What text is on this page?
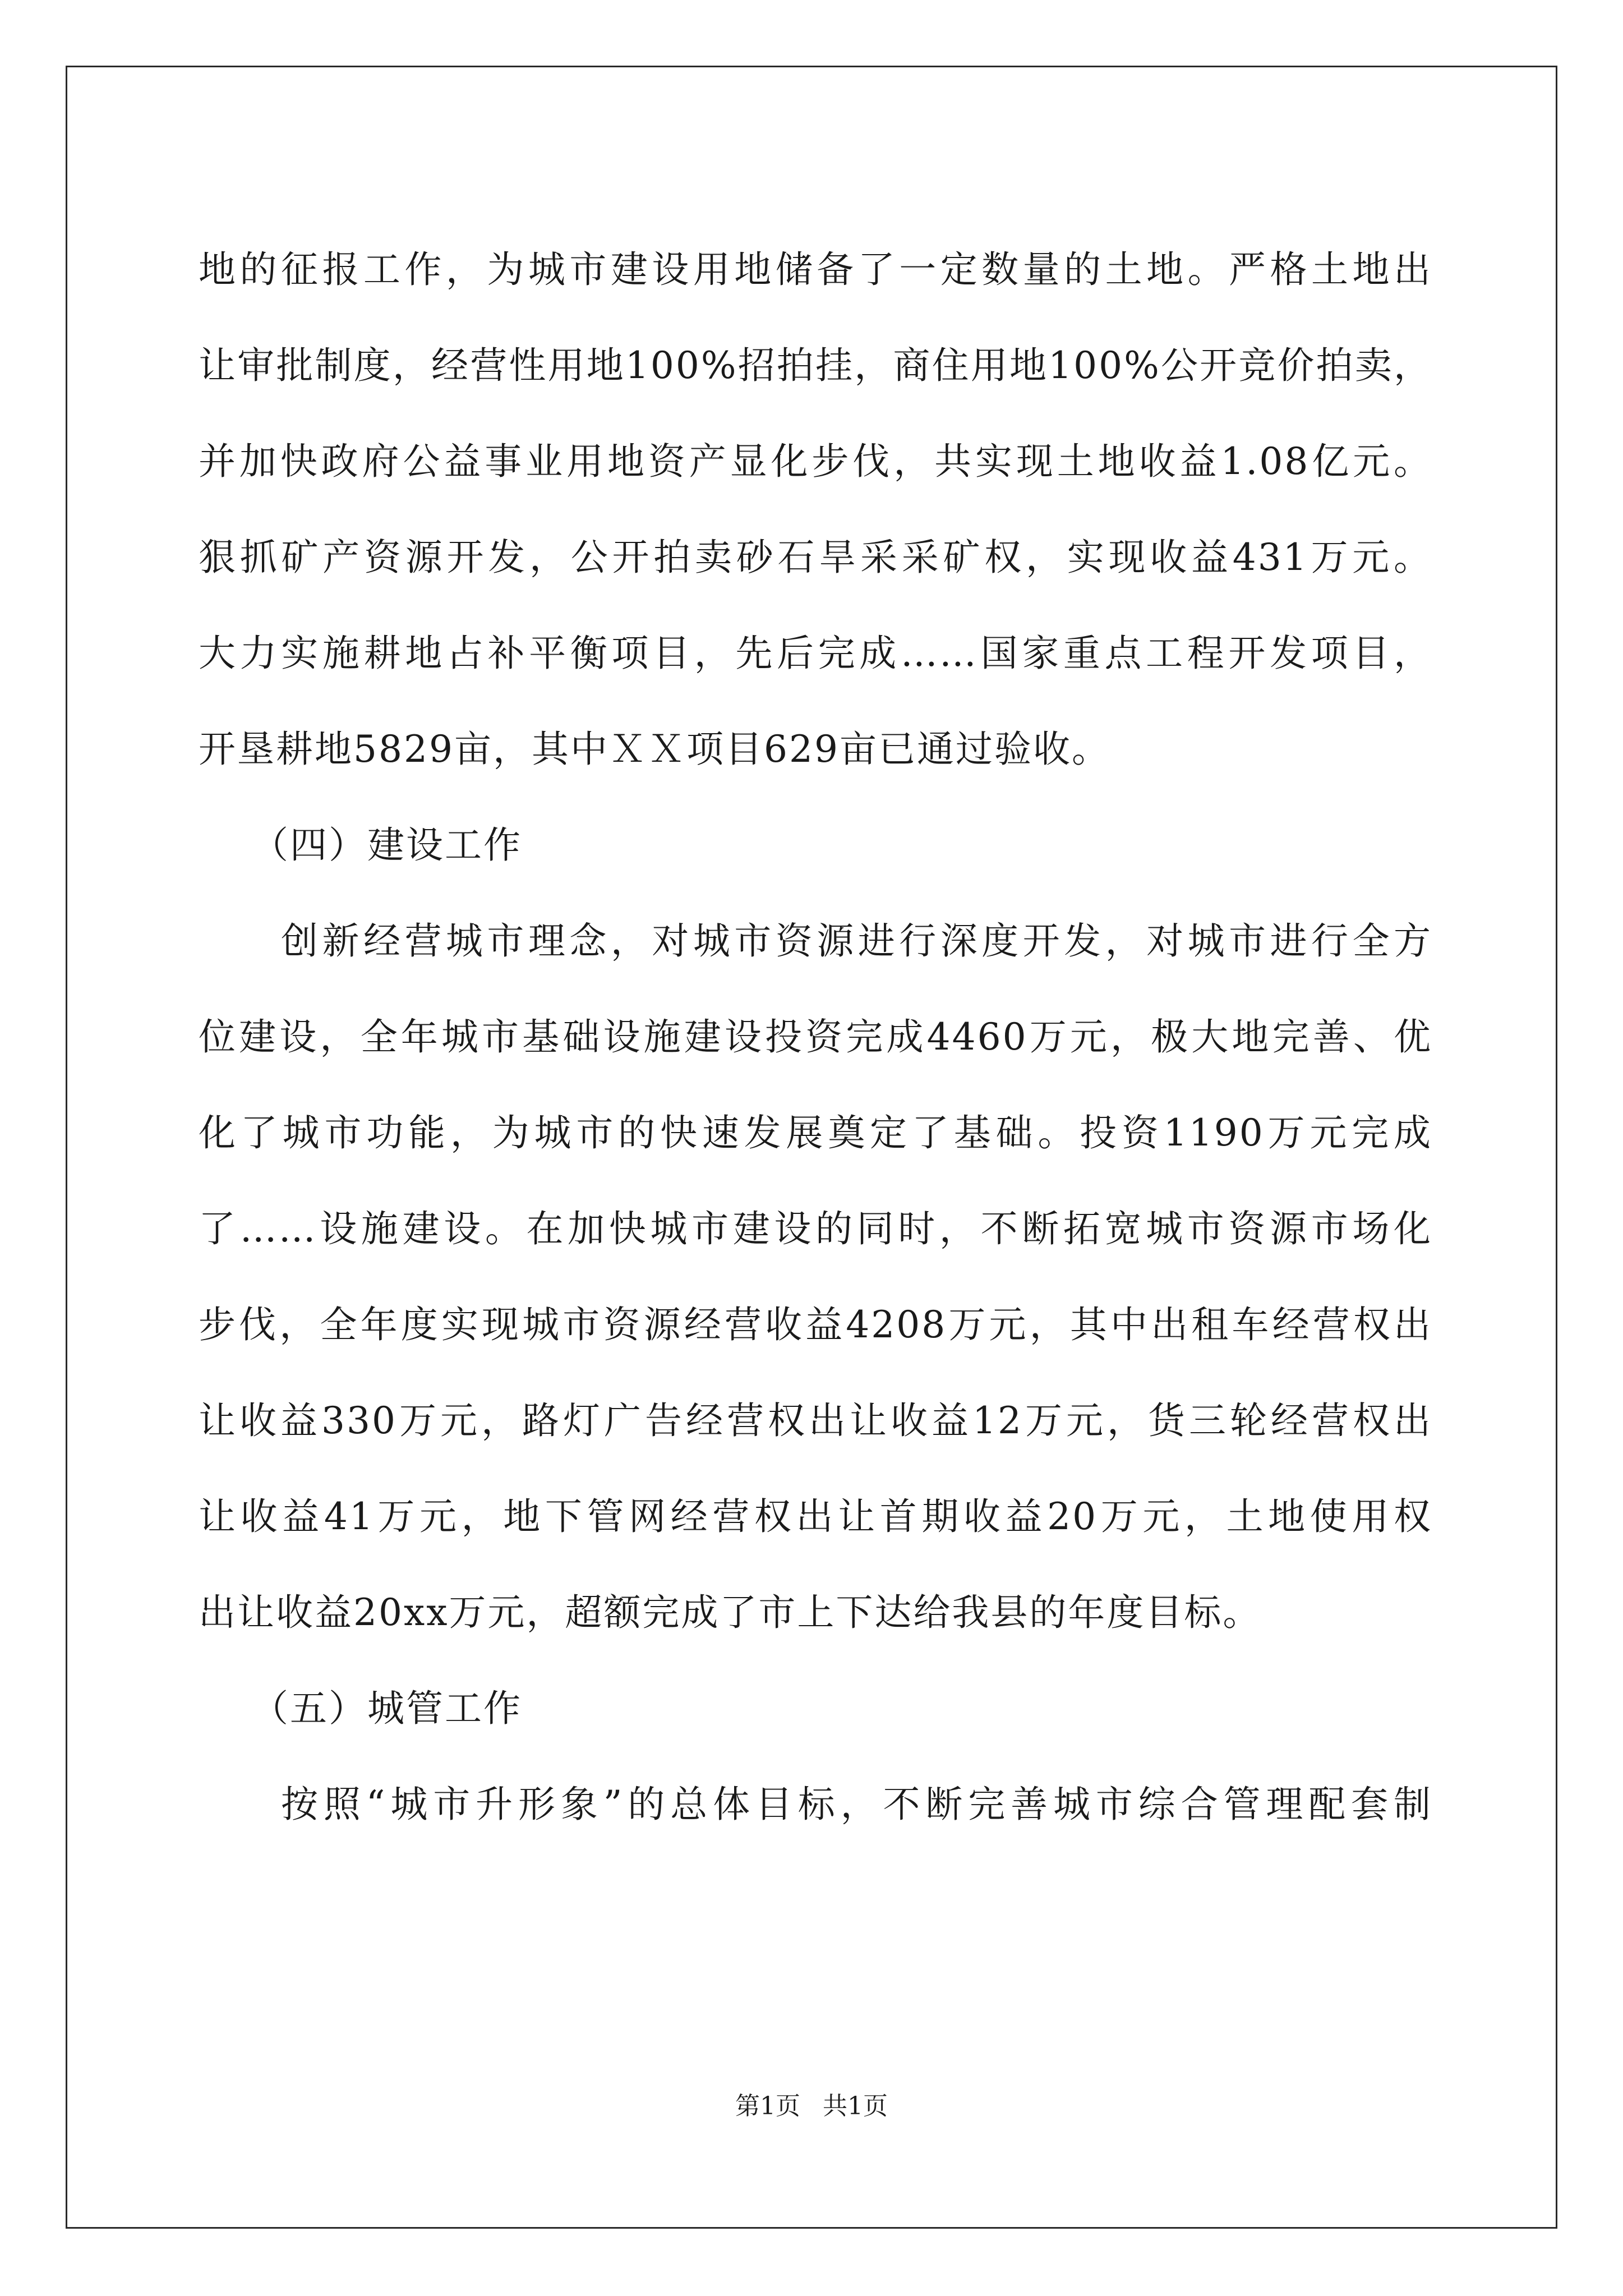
地的征报工作，为城市建设用地储备了一定数量的土地。严格土地出
让审批制度，经营性用地100%招拍挂，商住用地100%公开竞价拍卖，
并加快政府公益事业用地资产显化步伐，共实现土地收益1.08亿元。
狠抓矿产资源开发，公开拍卖砂石旱采采矿权，实现收益431万元。
大力实施耕地占补平衡项目，先后完成……国家重点工程开发项目，
开垦耕地5829亩，其中ＸＸ项目629亩已通过验收。
（四）建设工作
创新经营城市理念，对城市资源进行深度开发，对城市进行全方
位建设，全年城市基础设施建设投资完成4460万元，极大地完善、优
化了城市功能，为城市的快速发展奠定了基础。投资1190万元完成
了……设施建设。在加快城市建设的同时，不断拓宽城市资源市场化
步伐，全年度实现城市资源经营收益4208万元，其中出租车经营权出
让收益330万元，路灯广告经营权出让收益12万元，货三轮经营权出
让收益41万元，地下管网经营权出让首期收益20万元，土地使用权
出让收益20xx万元，超额完成了市上下达给我县的年度目标。
（五）城管工作
按照“城市升形象”的总体目标，不断完善城市综合管理配套制
第1页 共1页
